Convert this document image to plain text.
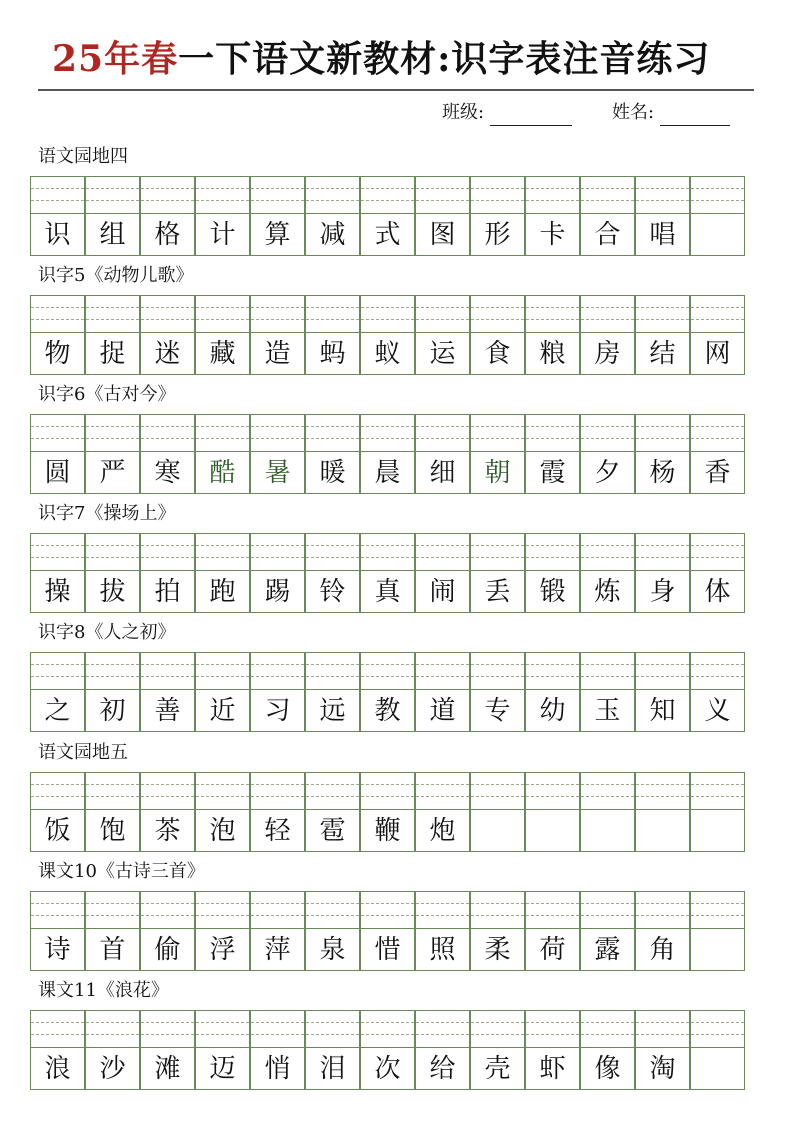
25年春一下语文新教材:识字表注音练习
班级:	姓名:
语文园地四
识	组	格	计	算	减	式	图	形	卡	合	唱
识字5《动物儿歌》
物	捉	迷	藏	造	蚂	蚁	运	食	粮	房	结	网
识字6《古对今》
圆	严	寒	酷	暑	暖	晨	细	朝	霞	夕	杨	香
识字7《操场上》
操	拔	拍	跑	踢	铃	真	闹	丢	锻	炼	身	体
识字8《人之初》
之	初	善	近	习	远	教	道	专	幼	玉	知	义
语文园地五
饭	饱	茶	泡	轻	雹	鞭	炮
课文10《古诗三首》
诗	首	偷	浮	萍	泉	惜	照	柔	荷	露	角
课文11《浪花》
浪	沙	滩	迈	悄	泪	次	给	壳	虾	像	淘
